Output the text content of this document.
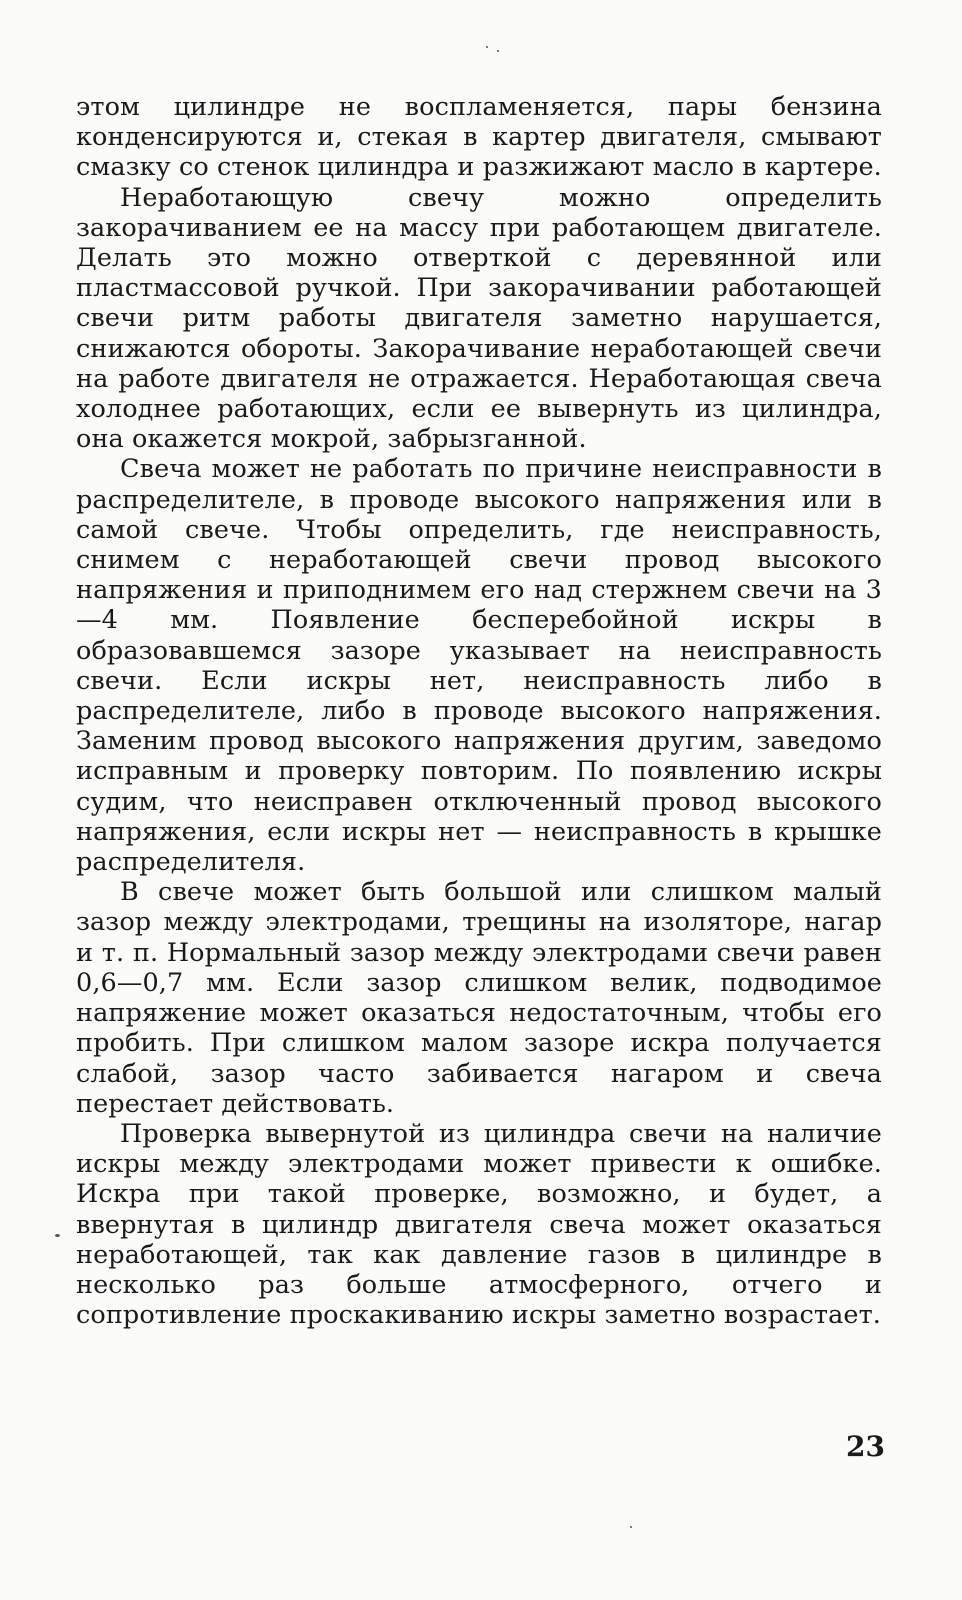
этом цилиндре не воспламеняется, пары бензина конденсируются и, стекая в картер двигателя, смывают смазку со стенок цилиндра и разжижают масло в картере.

Неработающую свечу можно определить закорачиванием ее на массу при работающем двигателе. Делать это можно отверткой с деревянной или пластмассовой ручкой. При закорачивании работающей свечи ритм работы двигателя заметно нарушается, снижаются обороты. Закорачивание неработающей свечи на работе двигателя не отражается. Неработающая свеча холоднее работающих, если ее вывернуть из цилиндра, она окажется мокрой, забрызганной.

Свеча может не работать по причине неисправности в распределителе, в проводе высокого напряжения или в самой свече. Чтобы определить, где неисправность, снимем с неработающей свечи провод высокого напряжения и приподнимем его над стержнем свечи на 3—4 мм. Появление бесперебойной искры в образовавшемся зазоре указывает на неисправность свечи. Если искры нет, неисправность либо в распределителе, либо в проводе высокого напряжения. Заменим провод высокого напряжения другим, заведомо исправным и проверку повторим. По появлению искры судим, что неисправен отключенный провод высокого напряжения, если искры нет — неисправность в крышке распределителя.

В свече может быть большой или слишком малый зазор между электродами, трещины на изоляторе, нагар и т. п. Нормальный зазор между электродами свечи равен 0,6—0,7 мм. Если зазор слишком велик, подводимое напряжение может оказаться недостаточным, чтобы его пробить. При слишком малом зазоре искра получается слабой, зазор часто забивается нагаром и свеча перестает действовать.

Проверка вывернутой из цилиндра свечи на наличие искры между электродами может привести к ошибке. Искра при такой проверке, возможно, и будет, а ввернутая в цилиндр двигателя свеча может оказаться неработающей, так как давление газов в цилиндре в несколько раз больше атмосферного, отчего и сопротивление проскакиванию искры заметно возрастает.

23
